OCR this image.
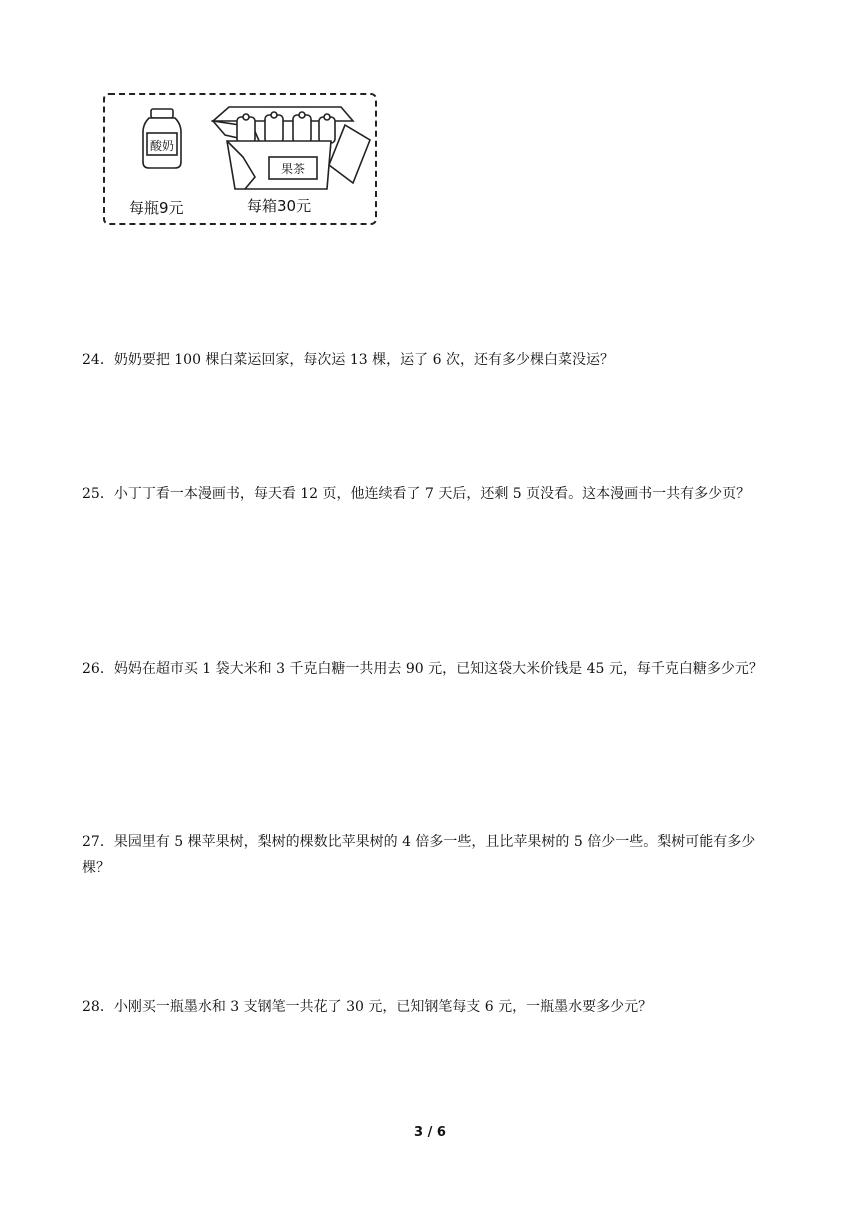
酸奶
果茶
每瓶9元	每箱30元

24．奶奶要把 100 棵白菜运回家，每次运 13 棵，运了 6 次，还有多少棵白菜没运？

25．小丁丁看一本漫画书，每天看 12 页，他连续看了 7 天后，还剩 5 页没看。这本漫画书一共有多少页？

26．妈妈在超市买 1 袋大米和 3 千克白糖一共用去 90 元，已知这袋大米价钱是 45 元，每千克白糖多少元？

27．果园里有 5 棵苹果树，梨树的棵数比苹果树的 4 倍多一些，且比苹果树的 5 倍少一些。梨树可能有多少棵？

28．小刚买一瓶墨水和 3 支钢笔一共花了 30 元，已知钢笔每支 6 元，一瓶墨水要多少元？

3 / 6
